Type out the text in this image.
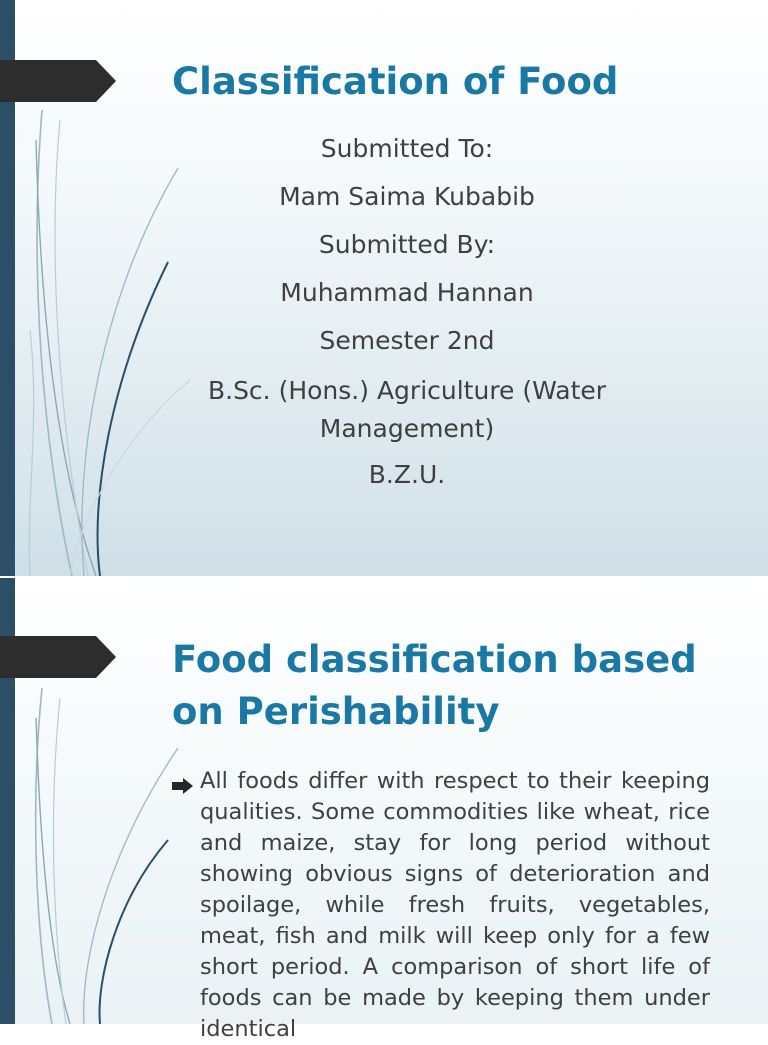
Classification of Food

Submitted To:

Mam Saima Kubabib

Submitted By:

Muhammad Hannan

Semester 2nd

B.Sc. (Hons.) Agriculture (Water Management)

B.Z.U.

Food classification based on Perishability

All foods differ with respect to their keeping qualities. Some commodities like wheat, rice and maize, stay for long period without showing obvious signs of deterioration and spoilage, while fresh fruits, vegetables, meat, fish and milk will keep only for a few short period. A comparison of short life of foods can be made by keeping them under identical
